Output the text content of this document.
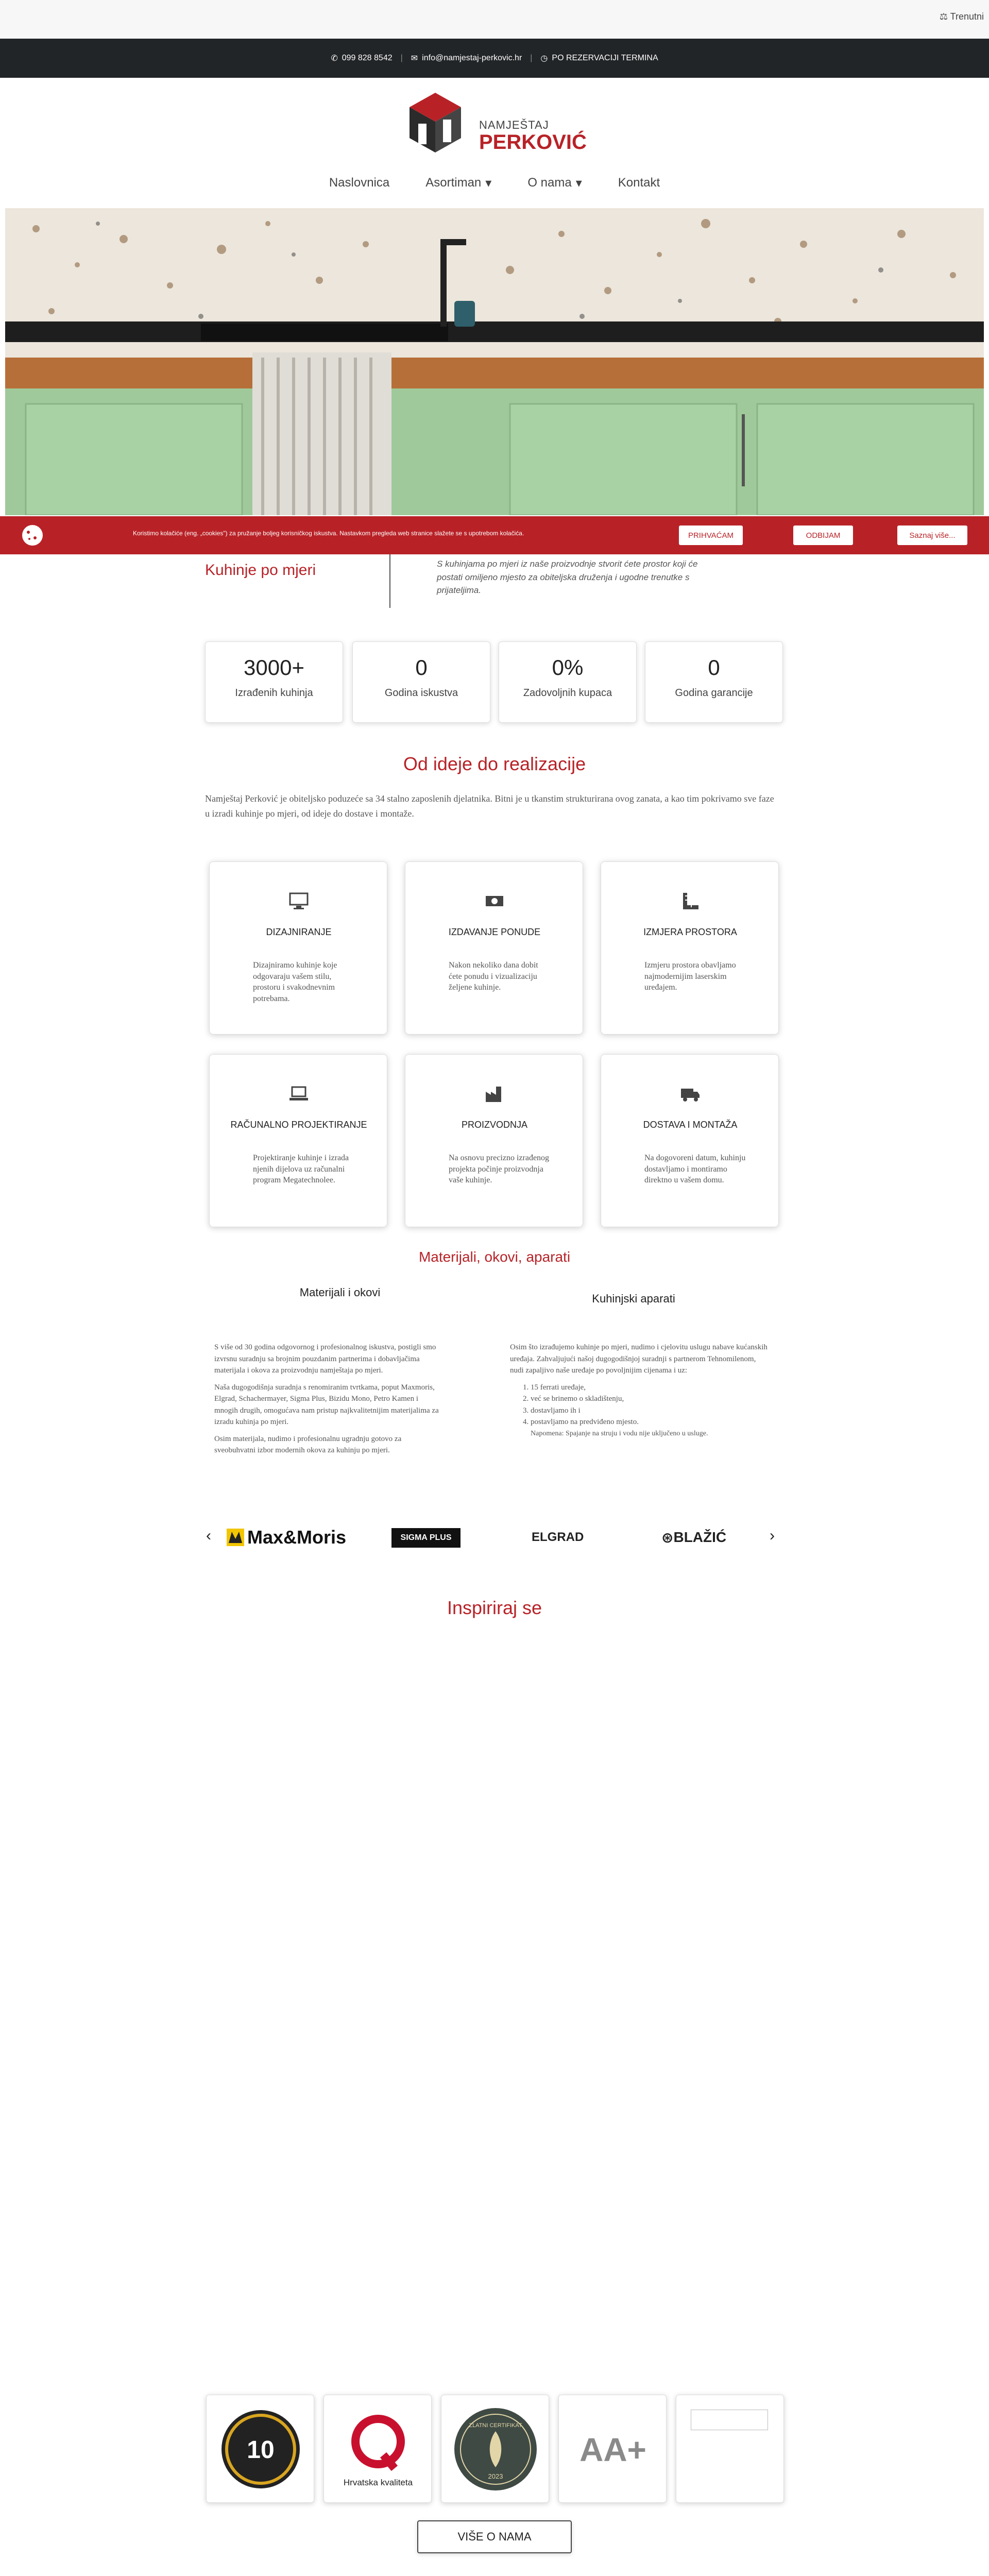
⚖ Trenutni
✆ 099 828 8542 | ✉ info@namjestaj-perkovic.hr | ◷ PO REZERVACIJI TERMINA
NAMJEŠTAJ
PERKOVIĆ
Naslovnica	Asortiman ▾	O nama ▾	Kontakt
Koristimo kolačiće (eng. „cookies") za pružanje boljeg korisničkog iskustva. Nastavkom pregleda web stranice slažete se s upotrebom kolačića.	PRIHVAĆAM	ODBIJAM	Saznaj više...
Kuhinje po mjeri	S kuhinjama po mjeri iz naše proizvodnje stvorit ćete prostor koji će postati omiljeno mjesto za obiteljska druženja i ugodne trenutke s prijateljima.
3000+
Izrađenih kuhinja
0
Godina iskustva
0%
Zadovoljnih kupaca
0
Godina garancije
Od ideje do realizacije
Namještaj Perković je obiteljsko poduzeće sa 34 stalno zaposlenih djelatnika. Bitni je u tkanstim strukturirana ovog zanata, a kao tim pokrivamo sve faze u izradi kuhinje po mjeri, od ideje do dostave i montaže.
DIZAJNIRANJE
Dizajniramo kuhinje koje odgovaraju vašem stilu, prostoru i svakodnevnim potrebama.
IZDAVANJE PONUDE
Nakon nekoliko dana dobit ćete ponudu i vizualizaciju željene kuhinje.
IZMJERA PROSTORA
Izmjeru prostora obavljamo najmodernijim laserskim uređajem.
RAČUNALNO PROJEKTIRANJE
Projektiranje kuhinje i izrada njenih dijelova uz računalni program Megatechnolee.
PROIZVODNJA
Na osnovu precizno izrađenog projekta počinje proizvodnja vaše kuhinje.
DOSTAVA I MONTAŽA
Na dogovoreni datum, kuhinju dostavljamo i montiramo direktno u vašem domu.
Materijali, okovi, aparati
Materijali i okovi	Kuhinjski aparati

S više od 30 godina odgovornog i profesionalnog iskustva, postigli smo izvrsnu suradnju sa brojnim pouzdanim partnerima i dobavljačima materijala i okova za proizvodnju namještaja po mjeri.

Naša dugogodišnja suradnja s renomiranim tvrtkama, poput Maxmoris, Elgrad, Schachermayer, Sigma Plus, Bizidu Mono, Petro Kamen i mnogih drugih, omogućava nam pristup najkvalitetnijim materijalima za izradu kuhinja po mjeri.

Osim materijala, nudimo i profesionalnu ugradnju gotovo za sveobuhvatni izbor modernih okova za kuhinju po mjeri.

Osim što izrađujemo kuhinje po mjeri, nudimo i cjelovitu uslugu nabave kućanskih uređaja. Zahvaljujući našoj dugogodišnjoj suradnji s partnerom Tehnomilenom, nudi zapaljivo naše uređaje po povoljnijim cijenama i uz:

1. 15 ferrati uređaje,
2. već se brinemo o skladištenju,
3. dostavljamo ih i
4. postavljamo na predviđeno mjesto.

Napomena: Spajanje na struju i vodu nije uključeno u usluge.

‹ Max&Moris	SIGMA PLUS	ELGRAD	⊛ BLAŽIĆ	›
Inspiriraj se
10
Hrvatska kvaliteta
ZLATNI CERTIFIKAT
2023
AA+
VIŠE O NAMA
